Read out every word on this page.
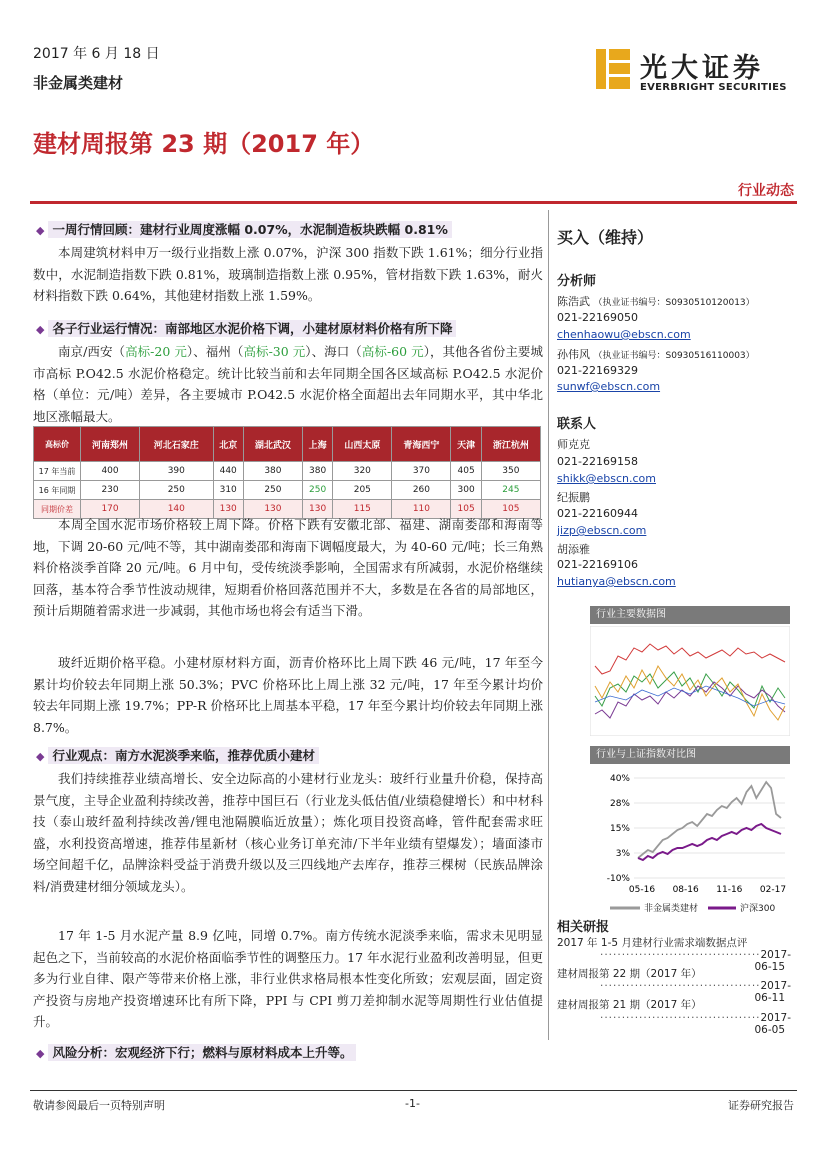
2017 年 6 月 18 日
非金属类建材	光大证券
EVERBRIGHT SECURITIES
建材周报第 23 期（2017 年）
行业动态
◆ 一周行情回顾：建材行业周度涨幅 0.07%，水泥制造板块跌幅 0.81%
本周建筑材料申万一级行业指数上涨 0.07%，沪深 300 指数下跌 1.61%；细分行业指数中，水泥制造指数下跌 0.81%，玻璃制造指数上涨 0.95%，管材指数下跌 1.63%，耐火材料指数下跌 0.64%，其他建材指数上涨 1.59%。
◆ 各子行业运行情况：南部地区水泥价格下调，小建材原材料价格有所下降
南京/西安（高标-20 元）、福州（高标-30 元）、海口（高标-60 元），其他各省份主要城市高标 P.O42.5 水泥价格稳定。统计比较当前和去年同期全国各区域高标 P.O42.5 水泥价格（单位：元/吨）差异，各主要城市 P.O42.5 水泥价格全面超出去年同期水平，其中华北地区涨幅最大。
高标价	河南郑州	河北石家庄	北京	湖北武汉	上海	山西太原	青海西宁	天津	浙江杭州
17 年当前	400	390	440	380	380	320	370	405	350
16 年同期	230	250	310	250	250	205	260	300	245
同期价差	170	140	130	130	130	115	110	105	105
本周全国水泥市场价格较上周下降。价格下跌有安徽北部、福建、湖南娄邵和海南等地，下调 20-60 元/吨不等，其中湖南娄邵和海南下调幅度最大，为 40-60 元/吨；长三角熟料价格淡季首降 20 元/吨。6 月中旬，受传统淡季影响，全国需求有所减弱，水泥价格继续回落，基本符合季节性波动规律，短期看价格回落范围并不大，多数是在各省的局部地区，预计后期随着需求进一步减弱，其他市场也将会有适当下滑。
玻纤近期价格平稳。小建材原材料方面，沥青价格环比上周下跌 46 元/吨，17 年至今累计均价较去年同期上涨 50.3%；PVC 价格环比上周上涨 32 元/吨，17 年至今累计均价较去年同期上涨 19.7%；PP-R 价格环比上周基本平稳，17 年至今累计均价较去年同期上涨 8.7%。
◆ 行业观点：南方水泥淡季来临，推荐优质小建材
我们持续推荐业绩高增长、安全边际高的小建材行业龙头：玻纤行业量升价稳，保持高景气度，主导企业盈利持续改善，推荐中国巨石（行业龙头低估值/业绩稳健增长）和中材科技（泰山玻纤盈利持续改善/锂电池隔膜临近放量）；炼化项目投资高峰，管件配套需求旺盛，水利投资高增速，推荐伟星新材（核心业务订单充沛/下半年业绩有望爆发）；墙面漆市场空间超千亿，品牌涂料受益于消费升级以及三四线地产去库存，推荐三棵树（民族品牌涂料/消费建材细分领域龙头）。
17 年 1-5 月水泥产量 8.9 亿吨，同增 0.7%。南方传统水泥淡季来临，需求未见明显起色之下，当前较高的水泥价格面临季节性的调整压力。17 年水泥行业盈利改善明显，但更多为行业自律、限产等带来价格上涨，非行业供求格局根本性变化所致；宏观层面，固定资产投资与房地产投资增速环比有所下降，PPI 与 CPI 剪刀差抑制水泥等周期性行业估值提升。
◆ 风险分析：宏观经济下行；燃料与原材料成本上升等。
买入（维持）
分析师
陈浩武 （执业证书编号：S0930510120013）
021-22169050
chenhaowu@ebscn.com
孙伟风 （执业证书编号：S0930516110003）
021-22169329
sunwf@ebscn.com
联系人
师克克
021-22169158
shikk@ebscn.com
纪振鹏
021-22160944
jizp@ebscn.com
胡添雅
021-22169106
hutianya@ebscn.com
行业主要数据图
行业与上证指数对比图
40%
28%
15%
3%
-10%
05-16 08-16 11-16 02-17
非金属类建材	沪深300
相关研报
2017 年 1-5 月建材行业需求端数据点评
·····································2017-06-15
建材周报第 22 期（2017 年）
·····································2017-06-11
建材周报第 21 期（2017 年）
·····································2017-06-05
敬请参阅最后一页特别声明	-1-	证券研究报告
